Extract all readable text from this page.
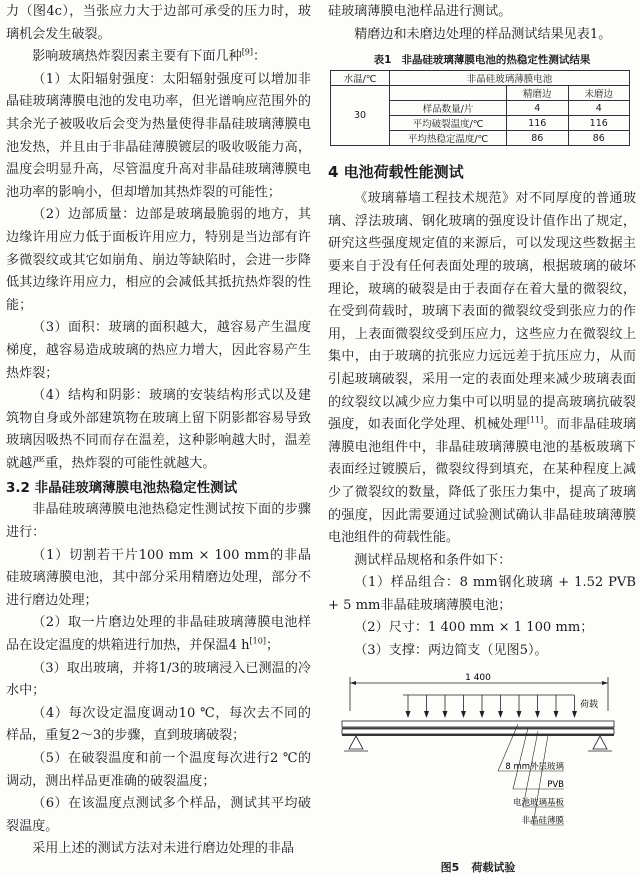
力（图4c），当张应力大于边部可承受的压力时，玻璃机会发生破裂。

影响玻璃热炸裂因素主要有下面几种[9]：

（1）太阳辐射强度：太阳辐射强度可以增加非晶硅玻璃薄膜电池的发电功率，但光谱响应范围外的其余光子被吸收后会变为热量使得非晶硅玻璃薄膜电池发热，并且由于非晶硅薄膜镀层的吸收吸能力高，温度会明显升高，尽管温度升高对非晶硅玻璃薄膜电池功率的影响小，但却增加其热炸裂的可能性；

（2）边部质量：边部是玻璃最脆弱的地方，其边缘许用应力低于面板许用应力，特别是当边部有许多微裂纹或其它如崩角、崩边等缺陷时，会进一步降低其边缘许用应力，相应的会减低其抵抗热炸裂的性能；

（3）面积：玻璃的面积越大，越容易产生温度梯度，越容易造成玻璃的热应力增大，因此容易产生热炸裂；

（4）结构和阴影：玻璃的安装结构形式以及建筑物自身或外部建筑物在玻璃上留下阴影都容易导致玻璃因吸热不同而存在温差，这种影响越大时，温差就越严重，热炸裂的可能性就越大。

3.2 非晶硅玻璃薄膜电池热稳定性测试

非晶硅玻璃薄膜电池热稳定性测试按下面的步骤进行：

（1）切割若干片100 mm × 100 mm的非晶硅玻璃薄膜电池，其中部分采用精磨边处理，部分不进行磨边处理；

（2）取一片磨边处理的非晶硅玻璃薄膜电池样品在设定温度的烘箱进行加热，并保温4 h[10]；

（3）取出玻璃，并将1/3的玻璃浸入已测温的冷水中；

（4）每次设定温度调动10 ℃，每次去不同的样品，重复2～3的步骤，直到玻璃破裂；

（5）在破裂温度和前一个温度每次进行2 ℃的调动，测出样品更准确的破裂温度；

（6）在该温度点测试多个样品，测试其平均破裂温度。

采用上述的测试方法对未进行磨边处理的非晶

硅玻璃薄膜电池样品进行测试。

精磨边和未磨边处理的样品测试结果见表1。

表1 非晶硅玻璃薄膜电池的热稳定性测试结果
水温/℃	非晶硅玻璃薄膜电池		
30		精磨边	未磨边
	样品数量/片	4	4
	平均破裂温度/℃	116	116
	平均热稳定温度/℃	86	86
4 电池荷载性能测试

《玻璃幕墙工程技术规范》对不同厚度的普通玻璃、浮法玻璃、钢化玻璃的强度设计值作出了规定，研究这些强度规定值的来源后，可以发现这些数据主要来自于没有任何表面处理的玻璃，根据玻璃的破坏理论，玻璃的破裂是由于表面存在着大量的微裂纹，在受到荷载时，玻璃下表面的微裂纹受到张应力的作用，上表面微裂纹受到压应力，这些应力在微裂纹上集中，由于玻璃的抗张应力远远差于抗压应力，从而引起玻璃破裂，采用一定的表面处理来减少玻璃表面的纹裂纹以减少应力集中可以明显的提高玻璃抗破裂强度，如表面化学处理、机械处理[11]。而非晶硅玻璃薄膜电池组件中，非晶硅玻璃薄膜电池的基板玻璃下表面经过镀膜后，微裂纹得到填充，在某种程度上减少了微裂纹的数量，降低了张压力集中，提高了玻璃的强度，因此需要通过试验测试确认非晶硅玻璃薄膜电池组件的荷载性能。

测试样品规格和条件如下：

（1）样品组合：8 mm钢化玻璃 + 1.52 PVB + 5 mm非晶硅玻璃薄膜电池；

（2）尺寸：1 400 mm × 1 100 mm；

（3）支撑：两边简支（见图5）。

1 400
荷载
8 mm外层玻璃
PVB
电池玻璃基板
非晶硅薄膜
图5 荷载试验
